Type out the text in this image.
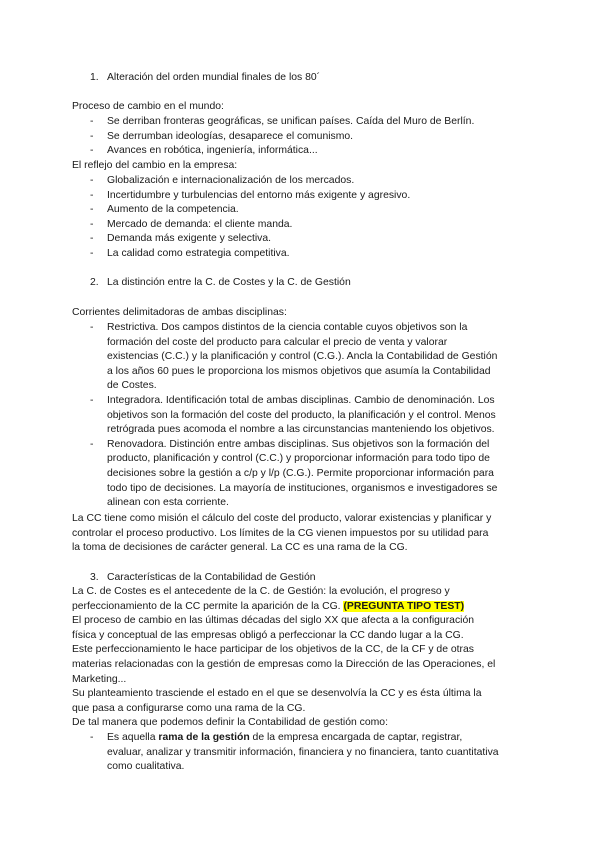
1. Alteración del orden mundial finales de los 80´
Proceso de cambio en el mundo:
- Se derriban fronteras geográficas, se unifican países. Caída del Muro de Berlín.
- Se derrumban ideologías, desaparece el comunismo.
- Avances en robótica, ingeniería, informática...
El reflejo del cambio en la empresa:
- Globalización e internacionalización de los mercados.
- Incertidumbre y turbulencias del entorno más exigente y agresivo.
- Aumento de la competencia.
- Mercado de demanda: el cliente manda.
- Demanda más exigente y selectiva.
- La calidad como estrategia competitiva.
2. La distinción entre la C. de Costes y la C. de Gestión
Corrientes delimitadoras de ambas disciplinas:
- Restrictiva. Dos campos distintos de la ciencia contable cuyos objetivos son la
formación del coste del producto para calcular el precio de venta y valorar
existencias (C.C.) y la planificación y control (C.G.). Ancla la Contabilidad de Gestión
a los años 60 pues le proporciona los mismos objetivos que asumía la Contabilidad
de Costes.
- Integradora. Identificación total de ambas disciplinas. Cambio de denominación. Los
objetivos son la formación del coste del producto, la planificación y el control. Menos
retrógrada pues acomoda el nombre a las circunstancias manteniendo los objetivos.
- Renovadora. Distinción entre ambas disciplinas. Sus objetivos son la formación del
producto, planificación y control (C.C.) y proporcionar información para todo tipo de
decisiones sobre la gestión a c/p y l/p (C.G.). Permite proporcionar información para
todo tipo de decisiones. La mayoría de instituciones, organismos e investigadores se
alinean con esta corriente.
La CC tiene como misión el cálculo del coste del producto, valorar existencias y planificar y
controlar el proceso productivo. Los límites de la CG vienen impuestos por su utilidad para
la toma de decisiones de carácter general. La CC es una rama de la CG.
3. Características de la Contabilidad de Gestión
La C. de Costes es el antecedente de la C. de Gestión: la evolución, el progreso y
perfeccionamiento de la CC permite la aparición de la CG. (PREGUNTA TIPO TEST)
El proceso de cambio en las últimas décadas del siglo XX que afecta a la configuración
física y conceptual de las empresas obligó a perfeccionar la CC dando lugar a la CG.
Este perfeccionamiento le hace participar de los objetivos de la CC, de la CF y de otras
materias relacionadas con la gestión de empresas como la Dirección de las Operaciones, el
Marketing...
Su planteamiento trasciende el estado en el que se desenvolvía la CC y es ésta última la
que pasa a configurarse como una rama de la CG.
De tal manera que podemos definir la Contabilidad de gestión como:
- Es aquella rama de la gestión de la empresa encargada de captar, registrar,
evaluar, analizar y transmitir información, financiera y no financiera, tanto cuantitativa
como cualitativa.
